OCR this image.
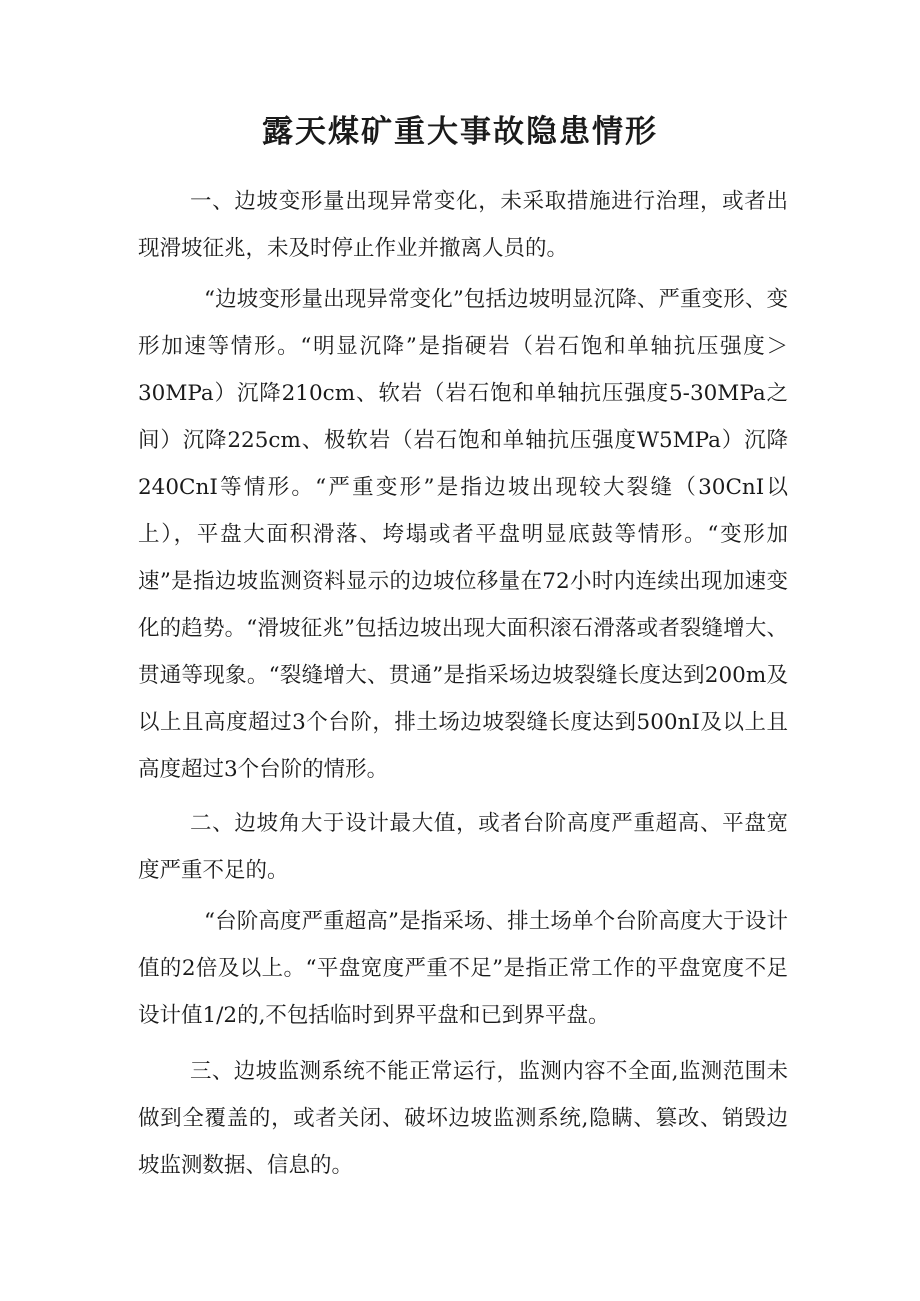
露天煤矿重大事故隐患情形

一、边坡变形量出现异常变化，未采取措施进行治理，或者出现滑坡征兆，未及时停止作业并撤离人员的。

“边坡变形量出现异常变化”包括边坡明显沉降、严重变形、变形加速等情形。“明显沉降”是指硬岩（岩石饱和单轴抗压强度＞30MPa）沉降210cm、软岩（岩石饱和单轴抗压强度5-30MPa之间）沉降225cm、极软岩（岩石饱和单轴抗压强度W5MPa）沉降240CnI等情形。“严重变形”是指边坡出现较大裂缝（30CnI以上），平盘大面积滑落、垮塌或者平盘明显底鼓等情形。“变形加速”是指边坡监测资料显示的边坡位移量在72小时内连续出现加速变化的趋势。“滑坡征兆”包括边坡出现大面积滚石滑落或者裂缝增大、贯通等现象。“裂缝增大、贯通”是指采场边坡裂缝长度达到200m及以上且高度超过3个台阶，排土场边坡裂缝长度达到500nI及以上且高度超过3个台阶的情形。

二、边坡角大于设计最大值，或者台阶高度严重超高、平盘宽度严重不足的。

“台阶高度严重超高”是指采场、排土场单个台阶高度大于设计值的2倍及以上。“平盘宽度严重不足”是指正常工作的平盘宽度不足设计值1/2的,不包括临时到界平盘和已到界平盘。

三、边坡监测系统不能正常运行，监测内容不全面,监测范围未做到全覆盖的，或者关闭、破坏边坡监测系统,隐瞒、篡改、销毁边坡监测数据、信息的。
